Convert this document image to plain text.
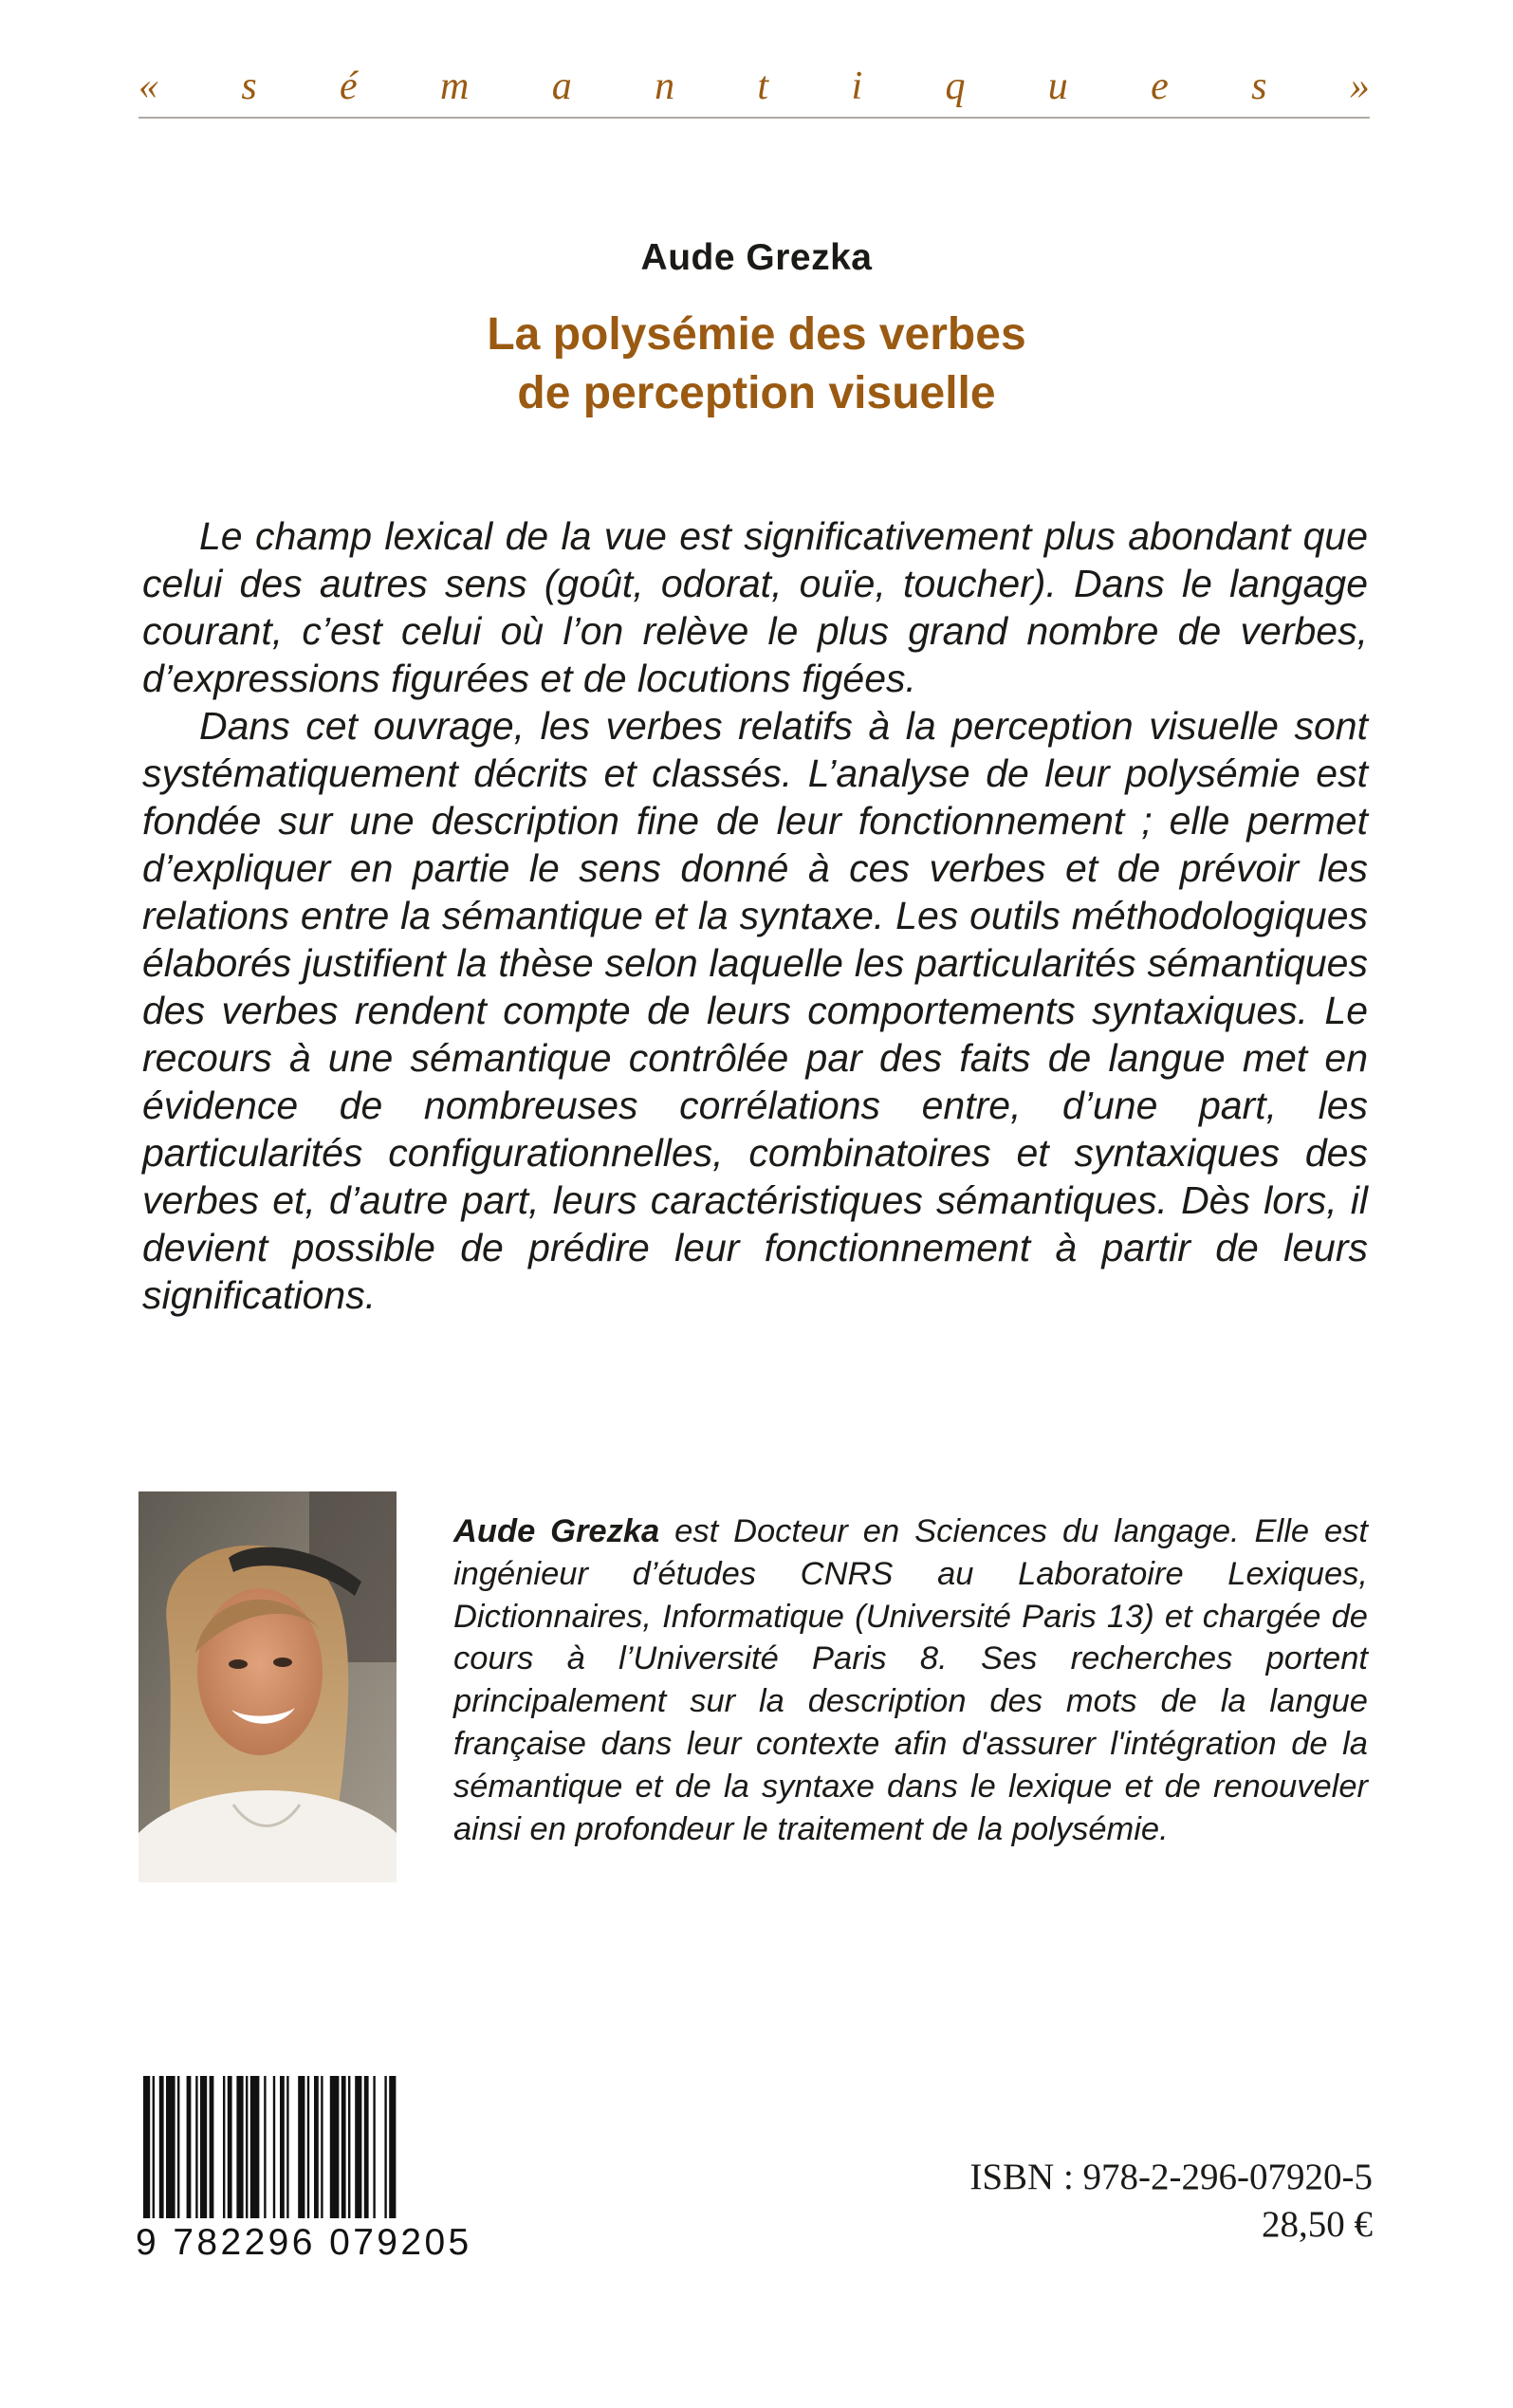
« s é m a n t i q u e s »
Aude Grezka
La polysémie des verbes
de perception visuelle

Le champ lexical de la vue est significativement plus abondant que celui des autres sens (goût, odorat, ouïe, toucher). Dans le langage courant, c’est celui où l’on relève le plus grand nombre de verbes, d’expressions figurées et de locutions figées.

Dans cet ouvrage, les verbes relatifs à la perception visuelle sont systématiquement décrits et classés. L’analyse de leur polysémie est fondée sur une description fine de leur fonctionnement ; elle permet d’expliquer en partie le sens donné à ces verbes et de prévoir les relations entre la sémantique et la syntaxe. Les outils méthodologiques élaborés justifient la thèse selon laquelle les particularités sémantiques des verbes rendent compte de leurs comportements syntaxiques. Le recours à une sémantique contrôlée par des faits de langue met en évidence de nombreuses corrélations entre, d’une part, les particularités configurationnelles, combinatoires et syntaxiques des verbes et, d’autre part, leurs caractéristiques sémantiques. Dès lors, il devient possible de prédire leur fonctionnement à partir de leurs significations.

Aude Grezka est Docteur en Sciences du langage. Elle est ingénieur d’études CNRS au Laboratoire Lexiques, Dictionnaires, Informatique (Université Paris 13) et chargée de cours à l’Université Paris 8. Ses recherches portent principalement sur la description des mots de la langue française dans leur contexte afin d'assurer l'intégration de la sémantique et de la syntaxe dans le lexique et de renouveler ainsi en profondeur le traitement de la polysémie.
9 782296 079205
ISBN : 978-2-296-07920-5
28,50 €
